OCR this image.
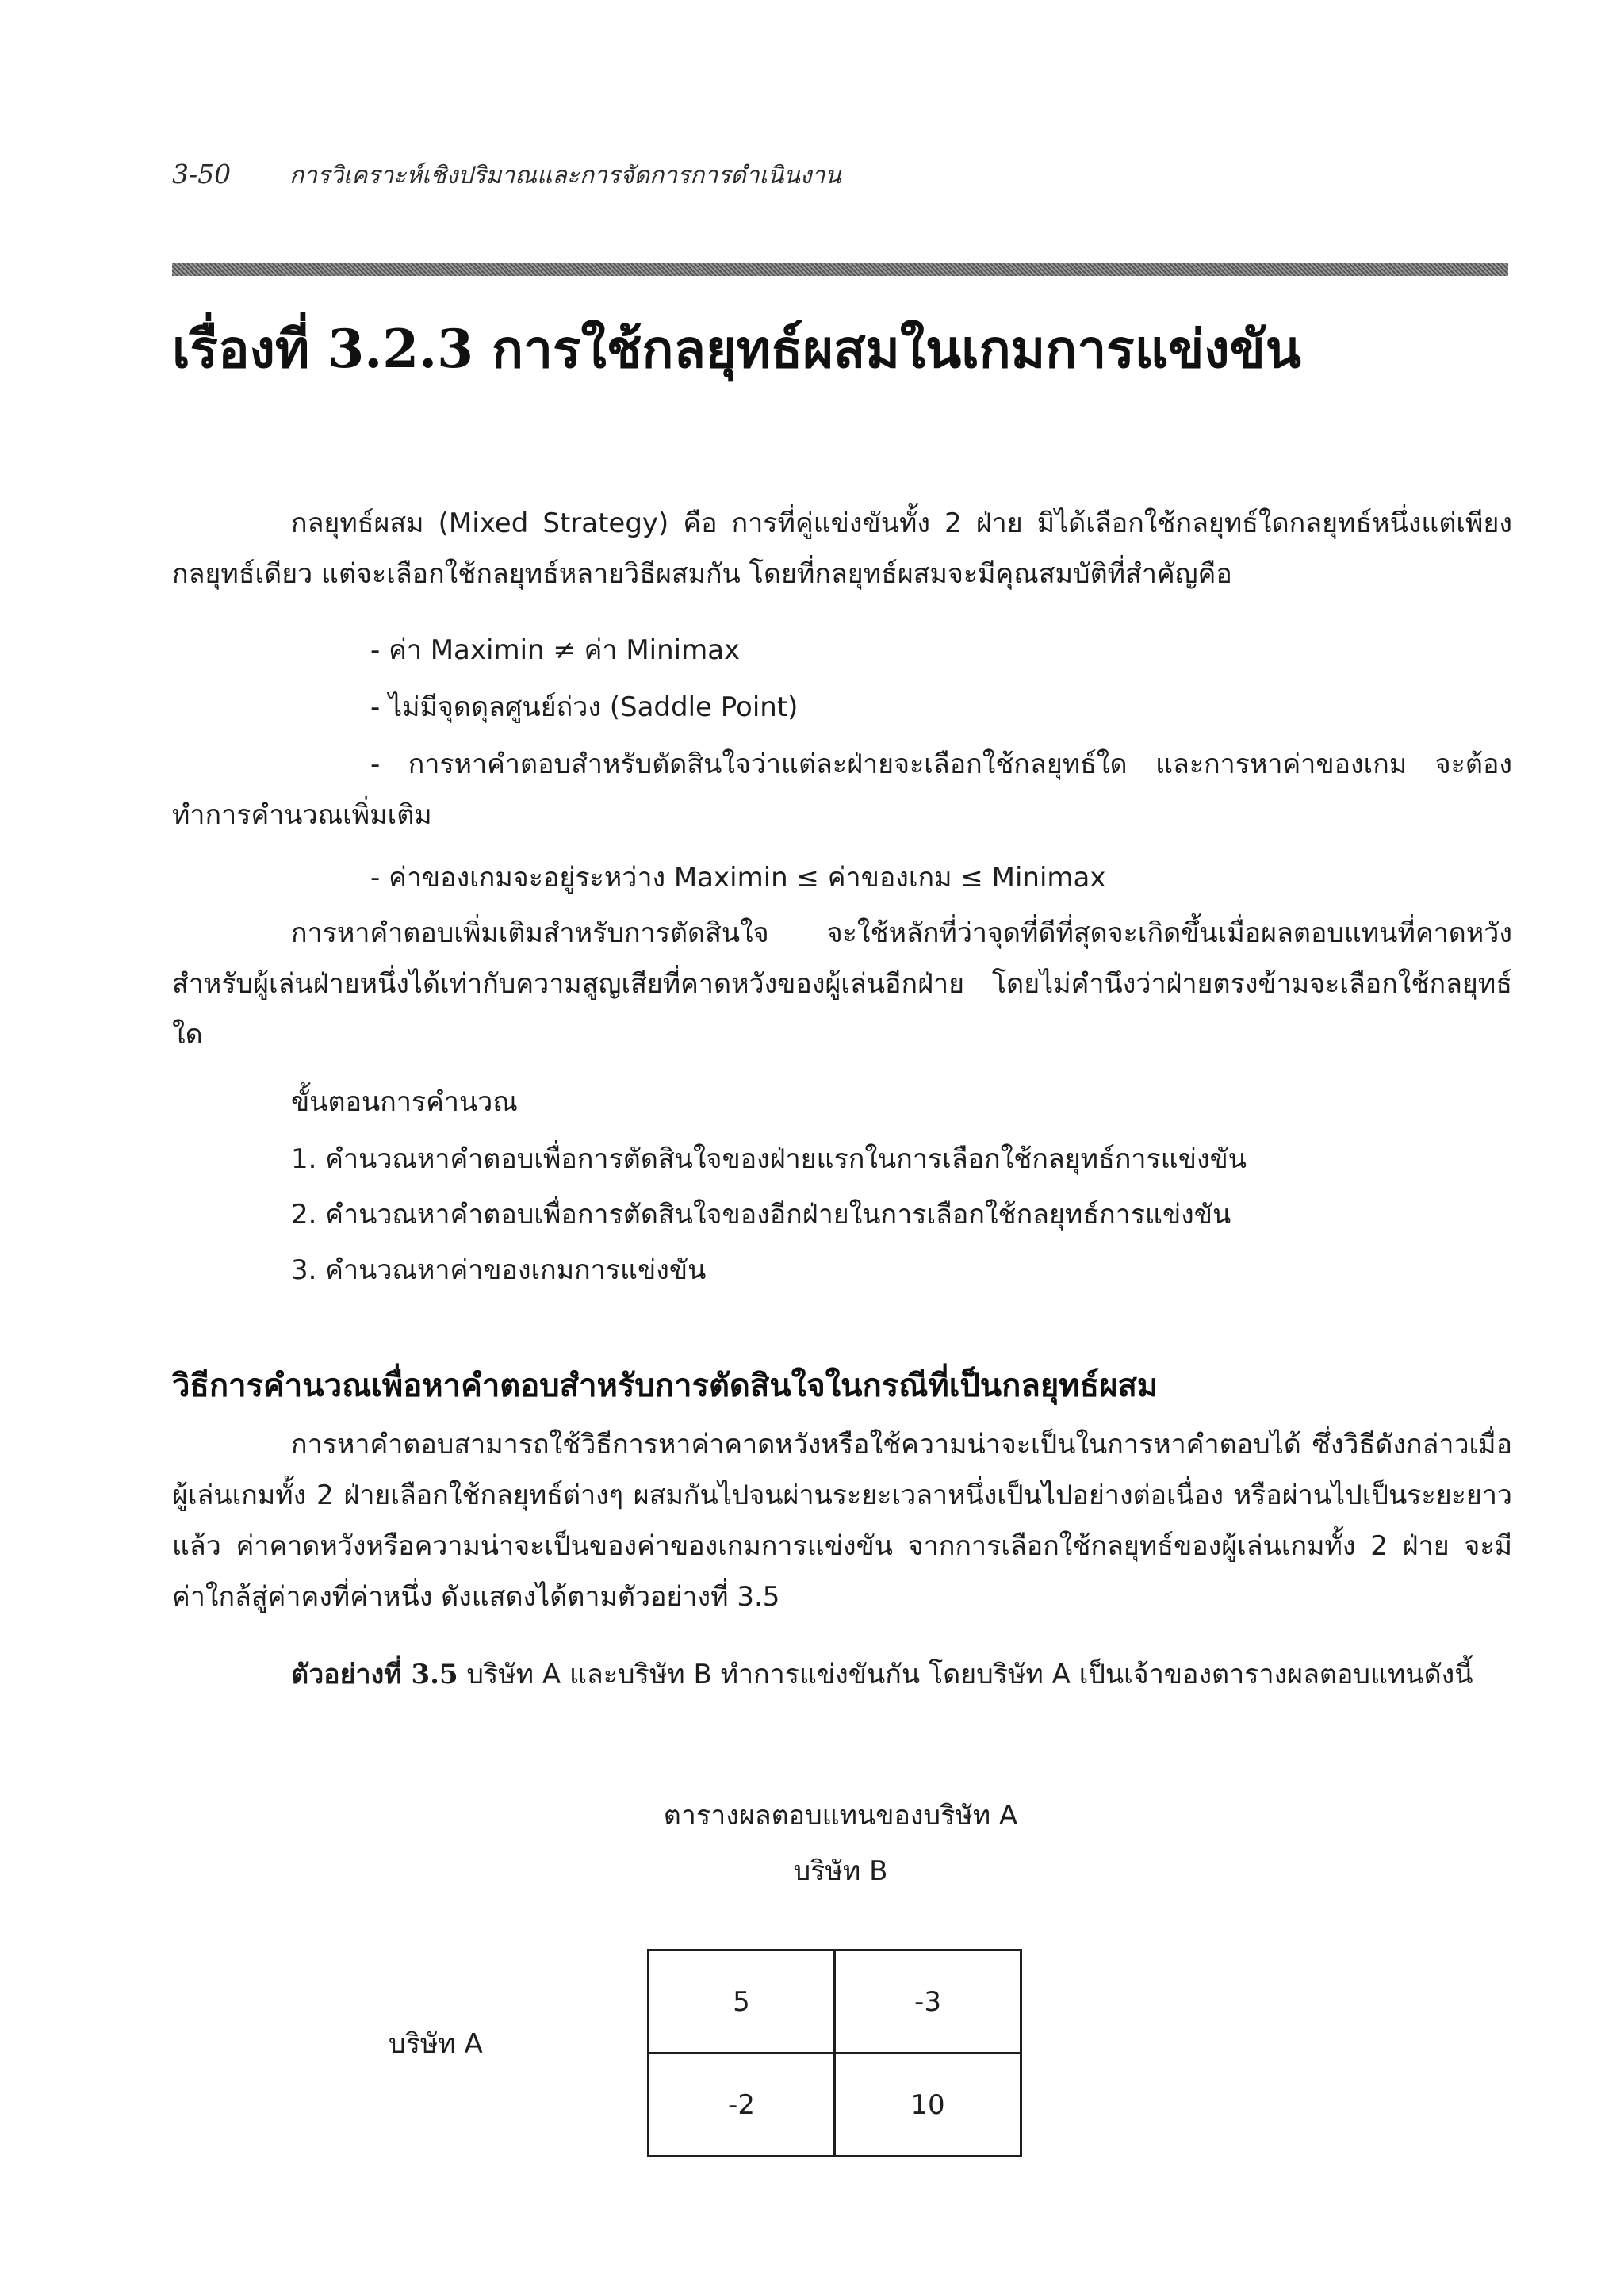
3-50 การวิเคราะห์เชิงปริมาณและการจัดการการดำเนินงาน
เรื่องที่ 3.2.3 การใช้กลยุทธ์ผสมในเกมการแข่งขัน

กลยุทธ์ผสม (Mixed Strategy) คือ การที่คู่แข่งขันทั้ง 2 ฝ่าย มิได้เลือกใช้กลยุทธ์ใดกลยุทธ์หนึ่งแต่เพียงกลยุทธ์เดียว แต่จะเลือกใช้กลยุทธ์หลายวิธีผสมกัน โดยที่กลยุทธ์ผสมจะมีคุณสมบัติที่สำคัญคือ

- ค่า Maximin ≠ ค่า Minimax

- ไม่มีจุดดุลศูนย์ถ่วง (Saddle Point)

- การหาคำตอบสำหรับตัดสินใจว่าแต่ละฝ่ายจะเลือกใช้กลยุทธ์ใด และการหาค่าของเกม จะต้องทำการคำนวณเพิ่มเติม

- ค่าของเกมจะอยู่ระหว่าง Maximin ≤ ค่าของเกม ≤ Minimax

การหาคำตอบเพิ่มเติมสำหรับการตัดสินใจ จะใช้หลักที่ว่าจุดที่ดีที่สุดจะเกิดขึ้นเมื่อผลตอบแทนที่คาดหวังสำหรับผู้เล่นฝ่ายหนึ่งได้เท่ากับความสูญเสียที่คาดหวังของผู้เล่นอีกฝ่าย โดยไม่คำนึงว่าฝ่ายตรงข้ามจะเลือกใช้กลยุทธ์ใด

ขั้นตอนการคำนวณ

1. คำนวณหาคำตอบเพื่อการตัดสินใจของฝ่ายแรกในการเลือกใช้กลยุทธ์การแข่งขัน

2. คำนวณหาคำตอบเพื่อการตัดสินใจของอีกฝ่ายในการเลือกใช้กลยุทธ์การแข่งขัน

3. คำนวณหาค่าของเกมการแข่งขัน

วิธีการคำนวณเพื่อหาคำตอบสำหรับการตัดสินใจในกรณีที่เป็นกลยุทธ์ผสม

การหาคำตอบสามารถใช้วิธีการหาค่าคาดหวังหรือใช้ความน่าจะเป็นในการหาคำตอบได้ ซึ่งวิธีดังกล่าวเมื่อผู้เล่นเกมทั้ง 2 ฝ่ายเลือกใช้กลยุทธ์ต่างๆ ผสมกันไปจนผ่านระยะเวลาหนึ่งเป็นไปอย่างต่อเนื่อง หรือผ่านไปเป็นระยะยาวแล้ว ค่าคาดหวังหรือความน่าจะเป็นของค่าของเกมการแข่งขัน จากการเลือกใช้กลยุทธ์ของผู้เล่นเกมทั้ง 2 ฝ่าย จะมีค่าใกล้สู่ค่าคงที่ค่าหนึ่ง ดังแสดงได้ตามตัวอย่างที่ 3.5

ตัวอย่างที่ 3.5 บริษัท A และบริษัท B ทำการแข่งขันกัน โดยบริษัท A เป็นเจ้าของตารางผลตอบแทนดังนี้

ตารางผลตอบแทนของบริษัท A

บริษัท B

บริษัท A

5	-3
-2	10
